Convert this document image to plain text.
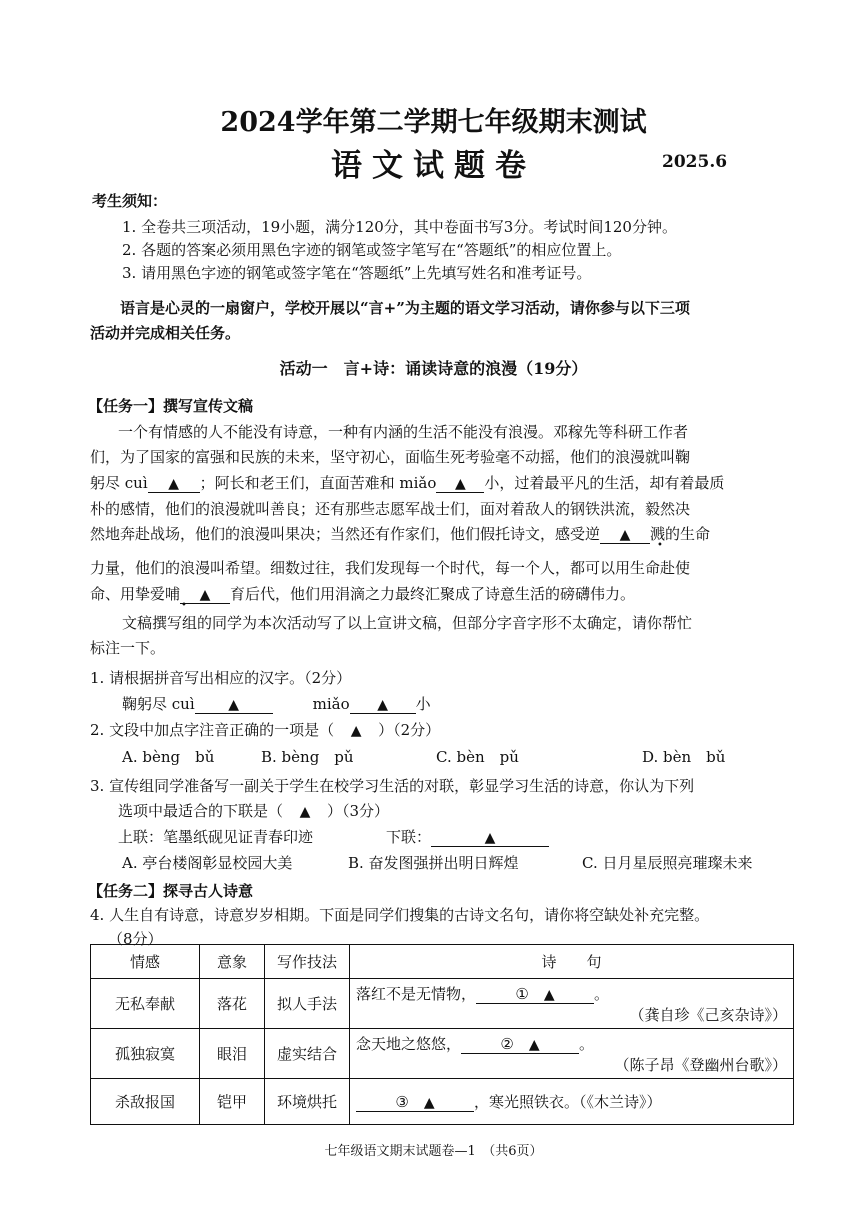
2024学年第二学期七年级期末测试
语文试题卷	2025.6
考生须知：
1. 全卷共三项活动，19小题，满分120分，其中卷面书写3分。考试时间120分钟。
2. 各题的答案必须用黑色字迹的钢笔或签字笔写在“答题纸”的相应位置上。
3. 请用黑色字迹的钢笔或签字笔在“答题纸”上先填写姓名和准考证号。
语言是心灵的一扇窗户，学校开展以“言+”为主题的语文学习活动，请你参与以下三项
活动并完成相关任务。
活动一　言+诗：诵读诗意的浪漫（19分）
【任务一】撰写宣传文稿
一个有情感的人不能没有诗意，一种有内涵的生活不能没有浪漫。邓稼先等科研工作者
们，为了国家的富强和民族的未来，坚守初心，面临生死考验毫不动摇，他们的浪漫就叫鞠
躬尽 cuì ▲ ；阿长和老王们，直面苦难和 miǎo ▲ 小，过着最平凡的生活，却有着最质
朴的感情，他们的浪漫就叫善良；还有那些志愿军战士们，面对着敌人的钢铁洪流，毅然决
然地奔赴战场，他们的浪漫叫果决；当然还有作家们，他们假托诗文，感受逆 ▲ 溅的生命
力量，他们的浪漫叫希望。细数过往，我们发现每一个时代，每一个人，都可以用生命赴使
命、用挚爱哺 ▲ 育后代，他们用涓滴之力最终汇聚成了诗意生活的磅礴伟力。
•
•
文稿撰写组的同学为本次活动写了以上宣讲文稿，但部分字音字形不太确定，请你帮忙
标注一下。
1. 请根据拼音写出相应的汉字。（2分）
鞠躬尽 cuì ▲	miǎo ▲ 小
2. 文段中加点字注音正确的一项是（ ▲ ）（2分）
A. bèng　bǔ	B. bèng　pǔ	C. bèn　pǔ	D. bèn　bǔ
3. 宣传组同学准备写一副关于学生在校学习生活的对联，彰显学习生活的诗意，你认为下列
选项中最适合的下联是（ ▲ ）（3分）
上联：笔墨纸砚见证青春印迹	下联：	▲
A. 亭台楼阁彰显校园大美	B. 奋发图强拼出明日辉煌	C. 日月星辰照亮璀璨未来
【任务二】探寻古人诗意
4. 人生自有诗意，诗意岁岁相期。下面是同学们搜集的古诗文名句，请你将空缺处补充完整。
（8分）
情感	意象	写作技法	诗　　句
无私奉献	落花	拟人手法	落红不是无情物， ①　 ▲ 。
（龚自珍《己亥杂诗》）

孤独寂寞	眼泪	虚实结合	念天地之悠悠， ②　 ▲ 。
（陈子昂《登幽州台歌》）

杀敌报国	铠甲	环境烘托	③　 ▲ ，寒光照铁衣。（《木兰诗》）
七年级语文期末试题卷—1　（共6页）
